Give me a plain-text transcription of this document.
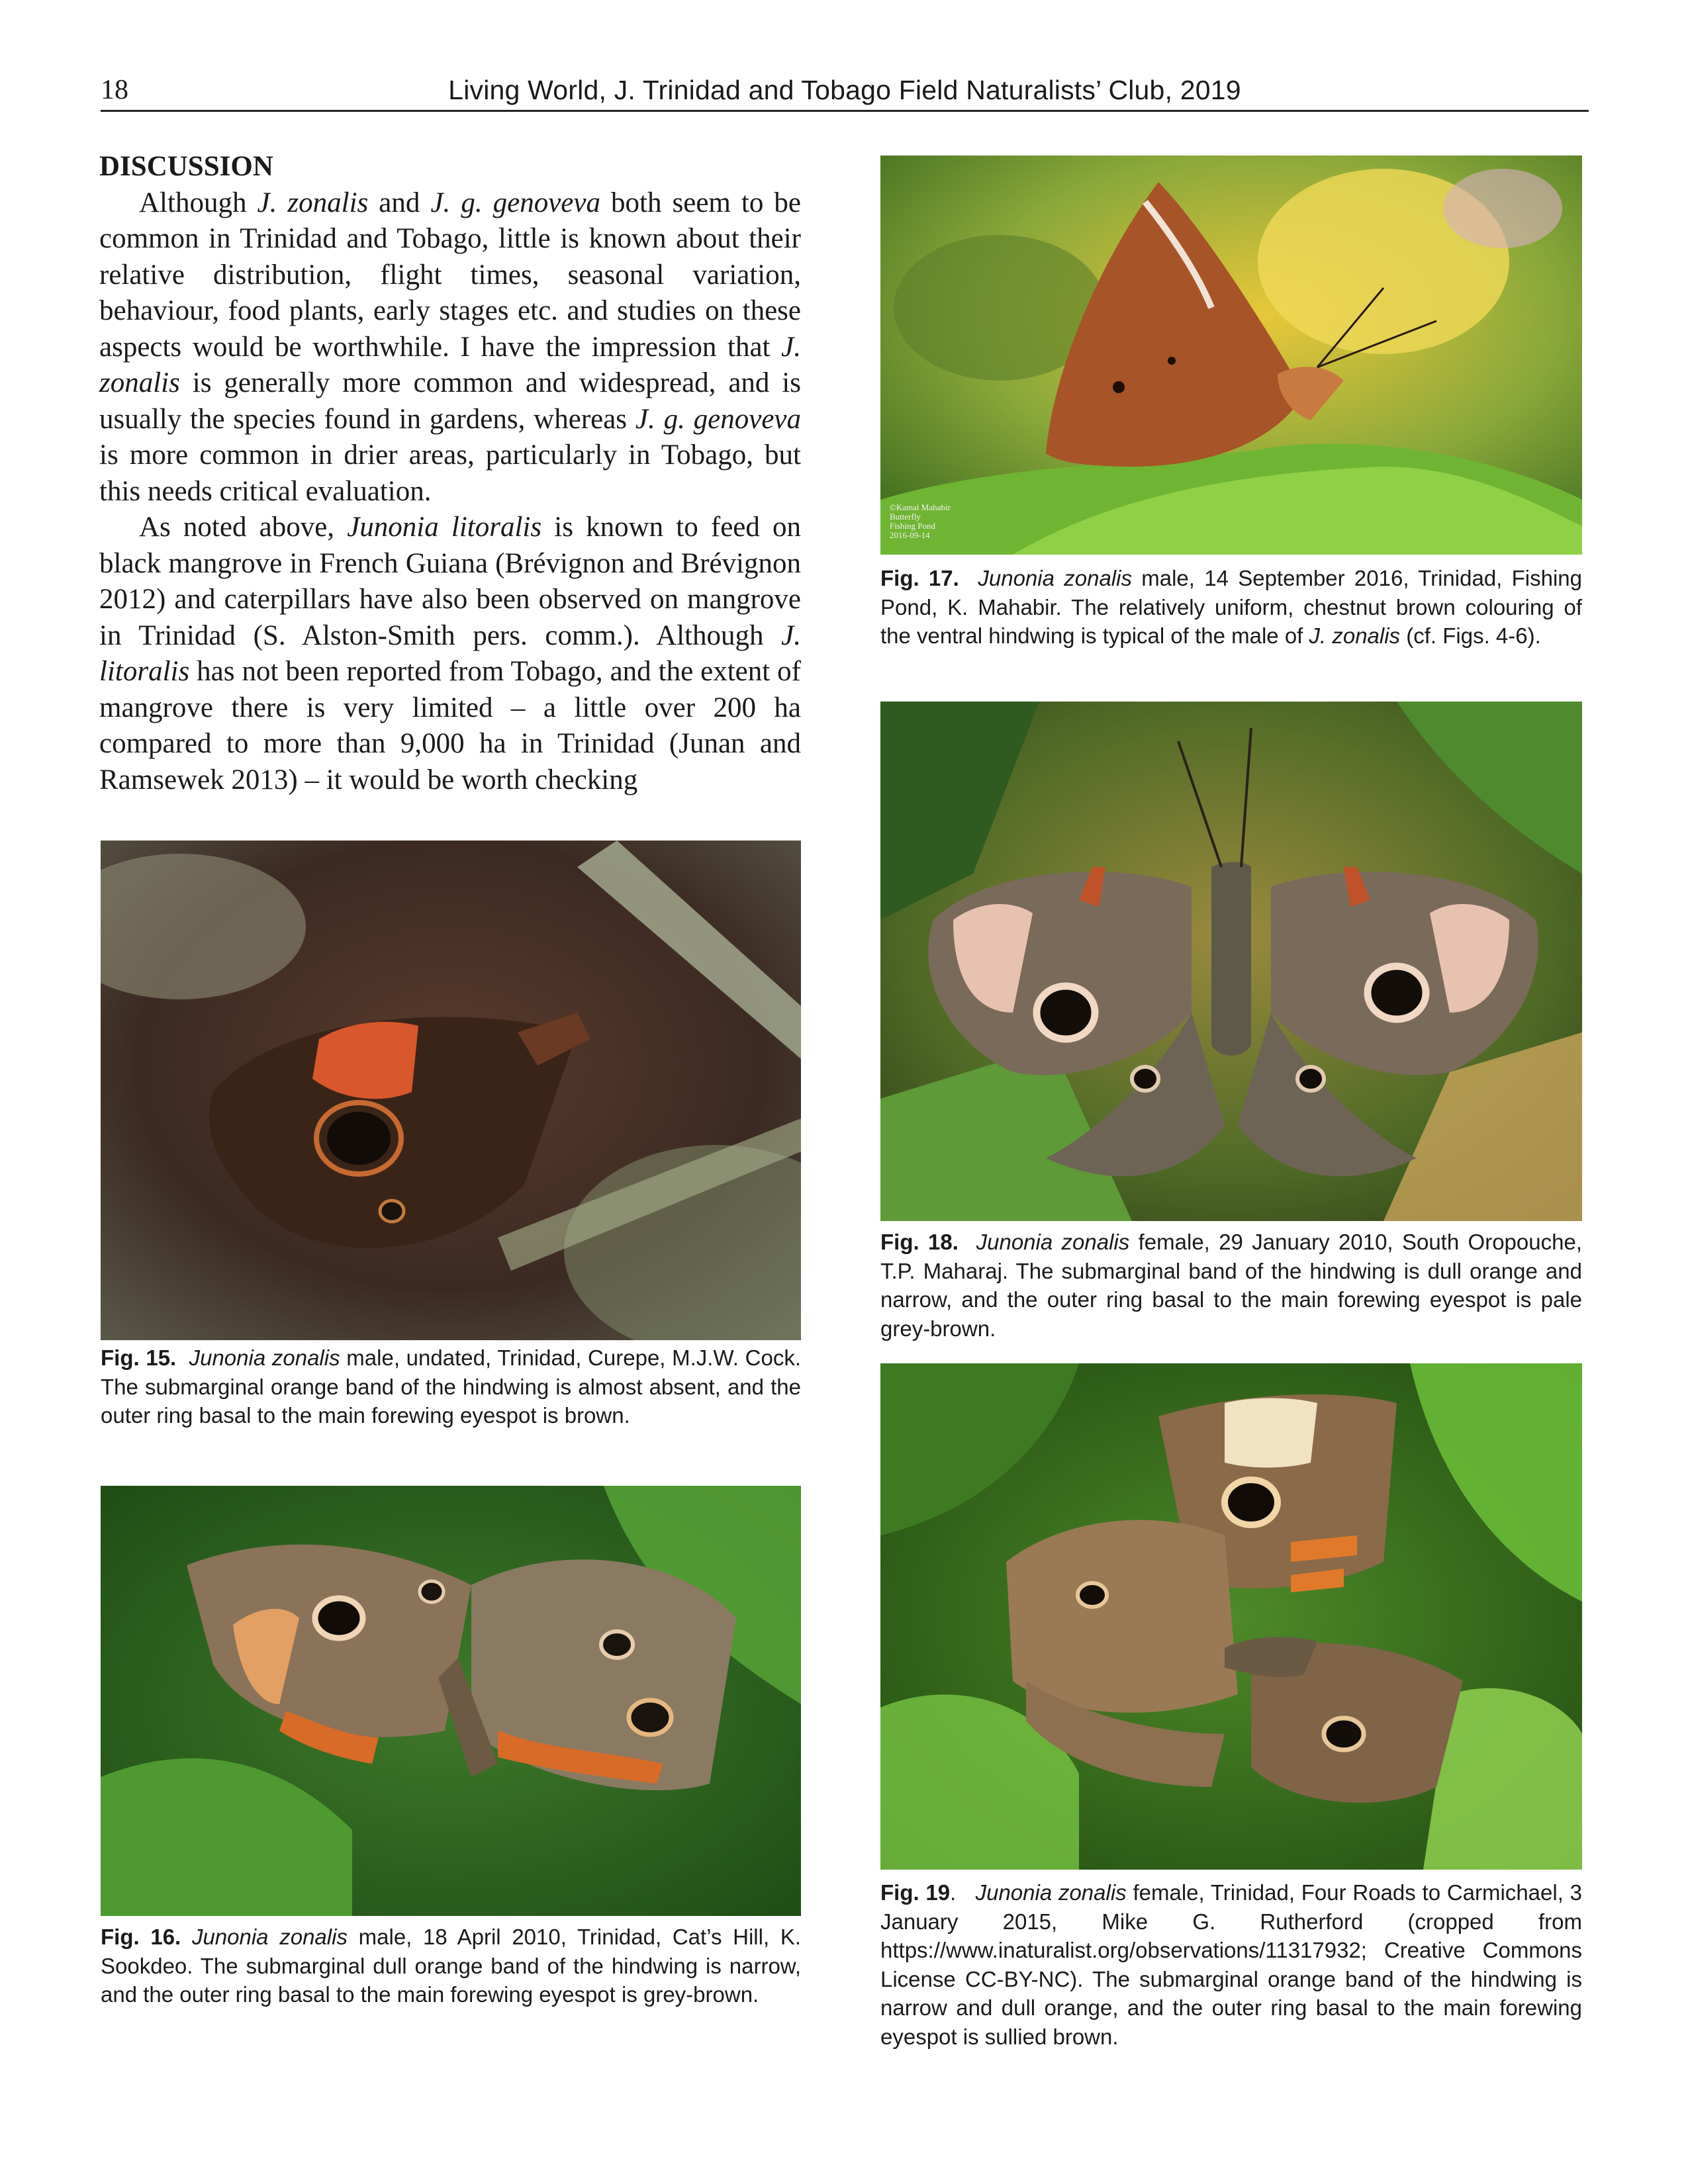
18	Living World, J. Trinidad and Tobago Field Naturalists’ Club, 2019
DISCUSSION

Although J. zonalis and J. g. genoveva both seem to be common in Trinidad and Tobago, little is known about their relative distribution, flight times, seasonal variation, behaviour, food plants, early stages etc. and studies on these aspects would be worthwhile. I have the impression that J. zonalis is generally more common and widespread, and is usually the species found in gardens, whereas J. g. genoveva is more common in drier areas, particularly in Tobago, but this needs critical evaluation.

As noted above, Junonia litoralis is known to feed on black mangrove in French Guiana (Brévignon and Brévignon 2012) and caterpillars have also been observed on mangrove in Trinidad (S. Alston-Smith pers. comm.). Although J. litoralis has not been reported from Tobago, and the extent of mangrove there is very limited – a little over 200 ha compared to more than 9,000 ha in Trinidad (Junan and Ramsewek 2013) – it would be worth checking

Fig. 15. Junonia zonalis male, undated, Trinidad, Curepe, M.J.W. Cock. The submarginal orange band of the hindwing is almost absent, and the outer ring basal to the main forewing eyespot is brown.
Fig. 16. Junonia zonalis male, 18 April 2010, Trinidad, Cat’s Hill, K. Sookdeo. The submarginal dull orange band of the hindwing is narrow, and the outer ring basal to the main forewing eyespot is grey-brown.
©Kamal Mahabir
Butterfly
Fishing Pond
2016-09-14
Fig. 17. Junonia zonalis male, 14 September 2016, Trinidad, Fishing Pond, K. Mahabir. The relatively uniform, chestnut brown colouring of the ventral hindwing is typical of the male of J. zonalis (cf. Figs. 4-6).
Fig. 18. Junonia zonalis female, 29 January 2010, South Oropouche, T.P. Maharaj. The submarginal band of the hindwing is dull orange and narrow, and the outer ring basal to the main forewing eyespot is pale grey-brown.
Fig. 19.   Junonia zonalis female, Trinidad, Four Roads to Carmichael, 3 January 2015, Mike G. Rutherford (cropped from https://www.inaturalist.org/observations/11317932; Creative Commons License CC-BY-NC). The submarginal orange band of the hindwing is narrow and dull orange, and the outer ring basal to the main forewing eyespot is sullied brown.
